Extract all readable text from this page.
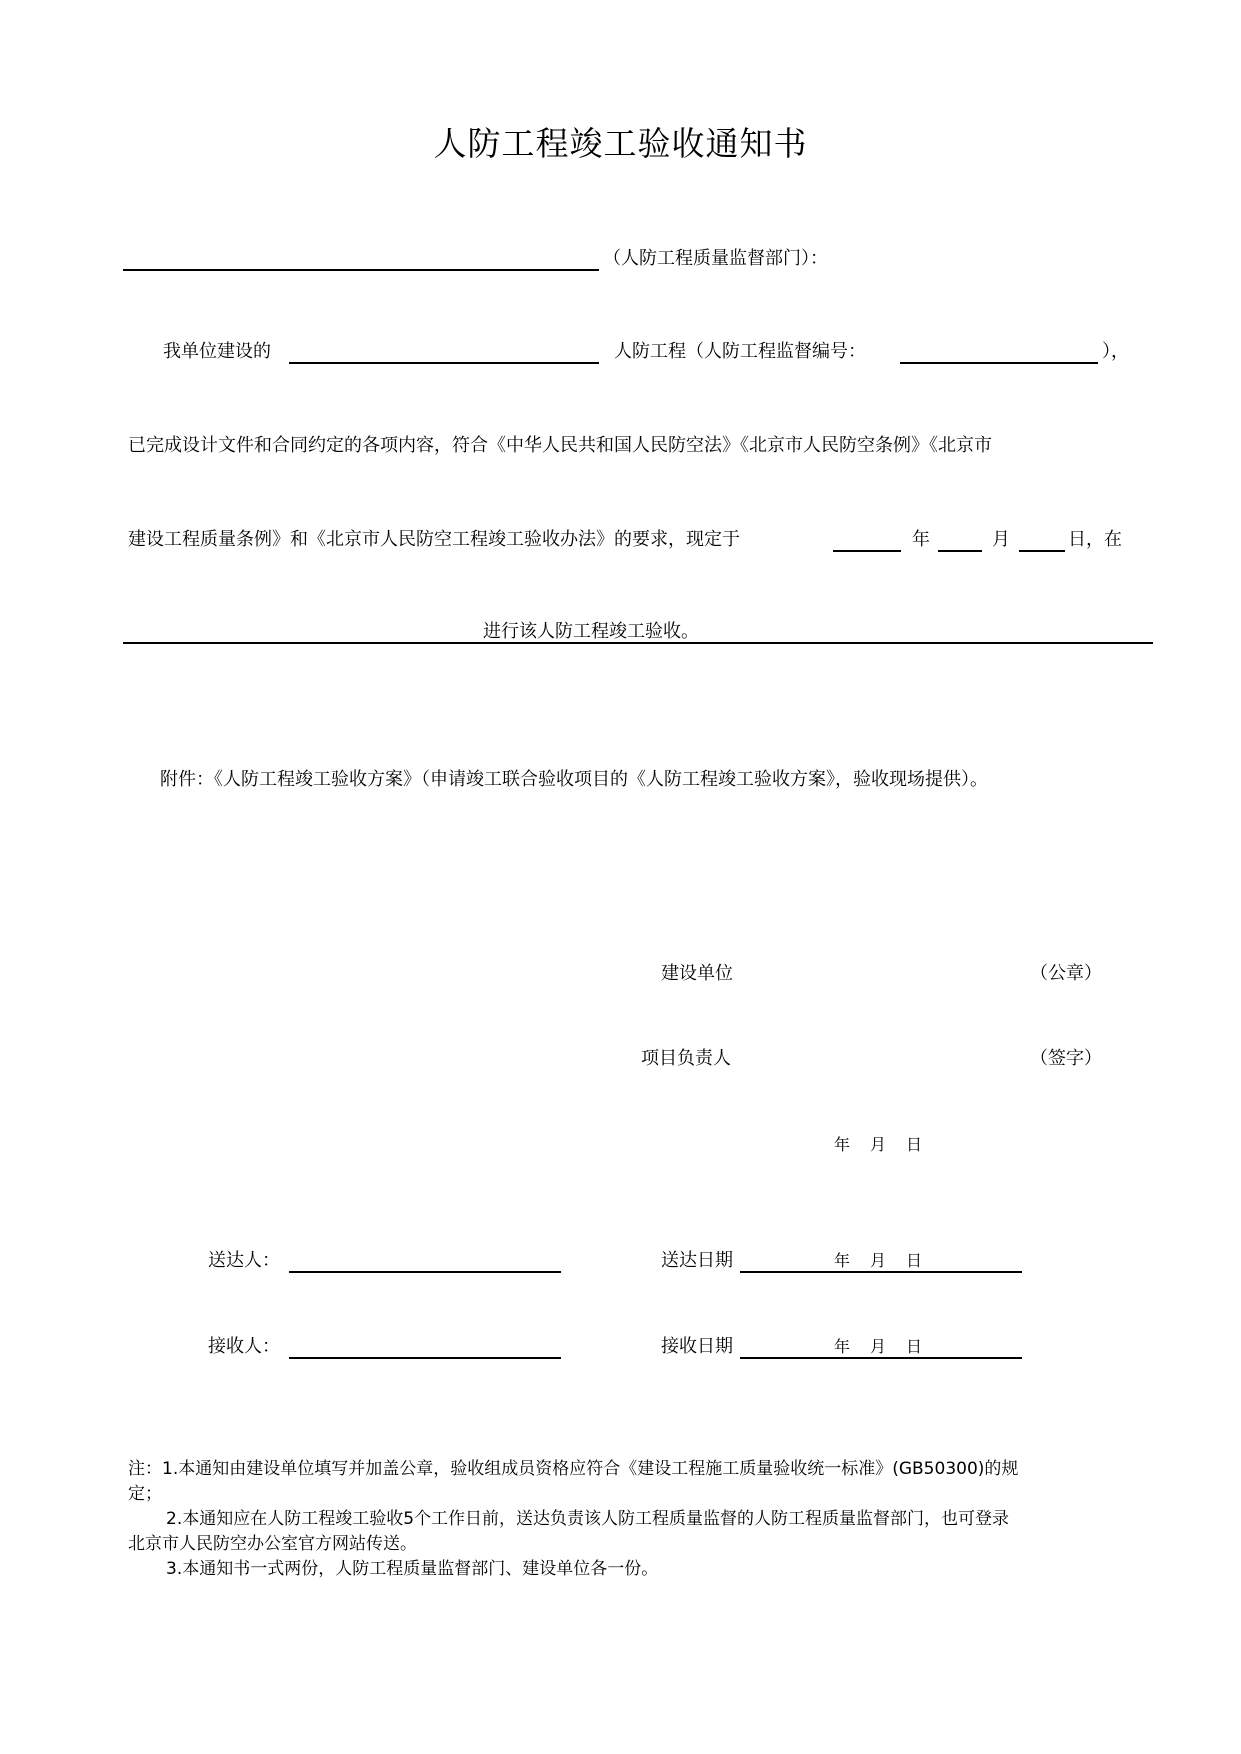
人防工程竣工验收通知书
（人防工程质量监督部门）：
我单位建设的	人防工程（人防工程监督编号：	），
已完成设计文件和合同约定的各项内容，符合《中华人民共和国人民防空法》《北京市人民防空条例》《北京市
建设工程质量条例》和《北京市人民防空工程竣工验收办法》的要求，现定于	年	月	日，在
进行该人防工程竣工验收。
附件：《人防工程竣工验收方案》（申请竣工联合验收项目的《人防工程竣工验收方案》，验收现场提供）。
建设单位	（公章）
项目负责人	（签字）
年 月 日
送达人：	送达日期	年 月 日
接收人：	接收日期	年 月 日
注：1.本通知由建设单位填写并加盖公章，验收组成员资格应符合《建设工程施工质量验收统一标准》(GB50300)的规
定；
2.本通知应在人防工程竣工验收5个工作日前，送达负责该人防工程质量监督的人防工程质量监督部门，也可登录
北京市人民防空办公室官方网站传送。
3.本通知书一式两份，人防工程质量监督部门、建设单位各一份。
